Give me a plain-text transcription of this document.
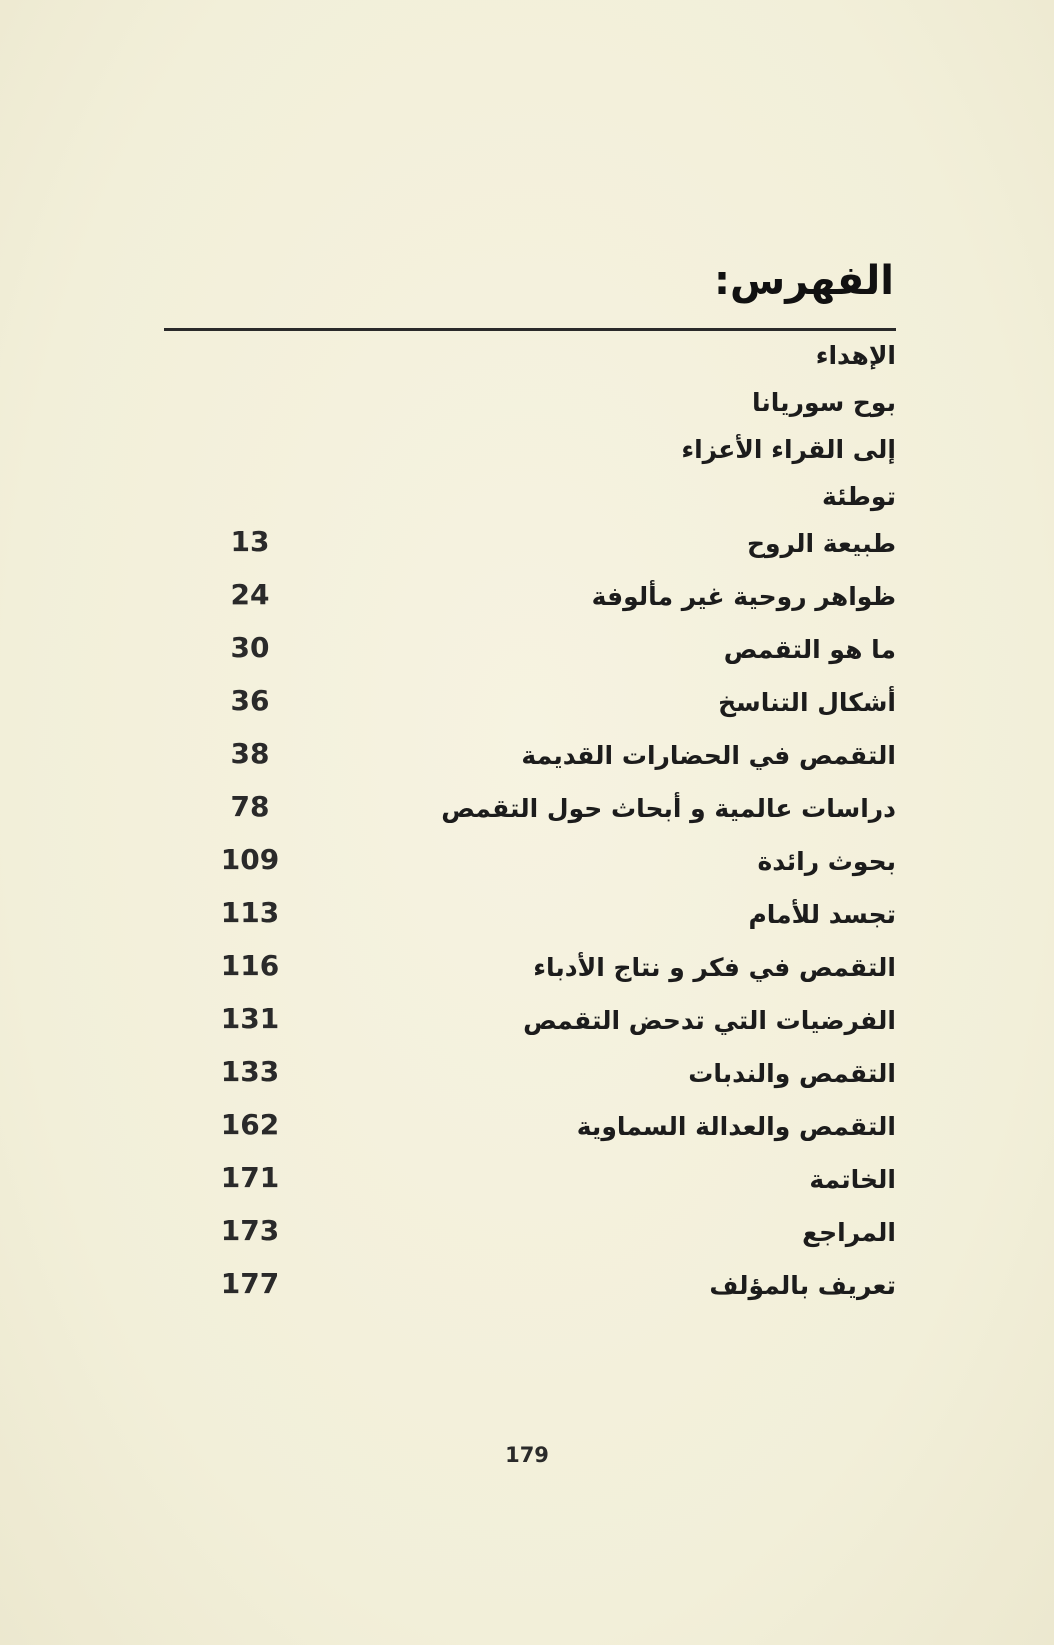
الفهرس:
الإهداء
بوح سوريانا
إلى القراء الأعزاء
توطئة
طبيعة الروح
13
ظواهر روحية غير مألوفة
24
ما هو التقمص
30
أشكال التناسخ
36
التقمص في الحضارات القديمة
38
دراسات عالمية و أبحاث حول التقمص
78
بحوث رائدة
109
تجسد للأمام
113
التقمص في فكر و نتاج الأدباء
116
الفرضيات التي تدحض التقمص
131
التقمص والندبات
133
التقمص والعدالة السماوية
162
الخاتمة
171
المراجع
173
تعريف بالمؤلف
177
179
